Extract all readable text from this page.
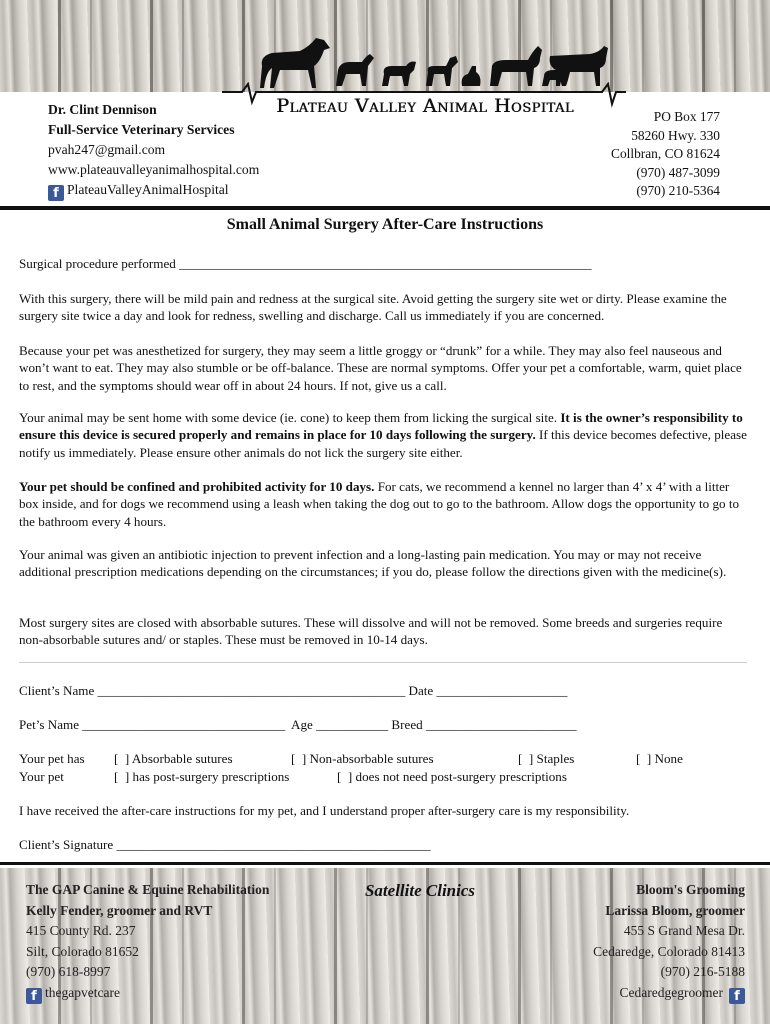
Plateau Valley Animal Hospital
Dr. Clint Dennison
Full-Service Veterinary Services
pvah247@gmail.com
www.plateauvalleyanimalhospital.com
f PlateauValleyAnimalHospital
PO Box 177
58260 Hwy. 330
Collbran, CO 81624
(970) 487-3099
(970) 210-5364
Small Animal Surgery After-Care Instructions
Surgical procedure performed _______________________________________________________________

With this surgery, there will be mild pain and redness at the surgical site. Avoid getting the surgery site wet or dirty. Please examine the surgery site twice a day and look for redness, swelling and discharge. Call us immediately if you are concerned.

Because your pet was anesthetized for surgery, they may seem a little groggy or “drunk” for a while. They may also feel nauseous and won’t want to eat. They may also stumble or be off-balance. These are normal symptoms. Offer your pet a comfortable, warm, quiet place to rest, and the symptoms should wear off in about 24 hours. If not, give us a call.

Your animal may be sent home with some device (ie. cone) to keep them from licking the surgical site. It is the owner’s responsibility to ensure this device is secured properly and remains in place for 10 days following the surgery. If this device becomes defective, please notify us immediately. Please ensure other animals do not lick the surgery site either.

Your pet should be confined and prohibited activity for 10 days. For cats, we recommend a kennel no larger than 4’ x 4’ with a litter box inside, and for dogs we recommend using a leash when taking the dog out to go to the bathroom. Allow dogs the opportunity to go to the bathroom every 4 hours.

Your animal was given an antibiotic injection to prevent infection and a long-lasting pain medication. You may or may not receive additional prescription medications depending on the circumstances; if you do, please follow the directions given with the medicine(s).

Most surgery sites are closed with absorbable sutures. These will dissolve and will not be removed. Some breeds and surgeries require non-absorbable sutures and/ or staples. These must be removed in 10-14 days.

Client’s Name _______________________________________________ Date ____________________
Pet’s Name _______________________________  Age ___________ Breed _______________________
Your pet has [  ] Absorbable sutures	[  ] Non-absorbable sutures	[  ] Staples	[  ] None
Your pet	[  ] has post-surgery prescriptions	[  ] does not need post-surgery prescriptions
I have received the after-care instructions for my pet, and I understand proper after-surgery care is my responsibility.
Client’s Signature ________________________________________________
The GAP Canine & Equine Rehabilitation
Kelly Fender, groomer and RVT
415 County Rd. 237
Silt, Colorado 81652
(970) 618-8997
f thegapvetcare
Satellite Clinics	Bloom's Grooming
Larissa Bloom, groomer
455 S Grand Mesa Dr.
Cedaredge, Colorado 81413
(970) 216-5188
Cedaredgegroomer f
